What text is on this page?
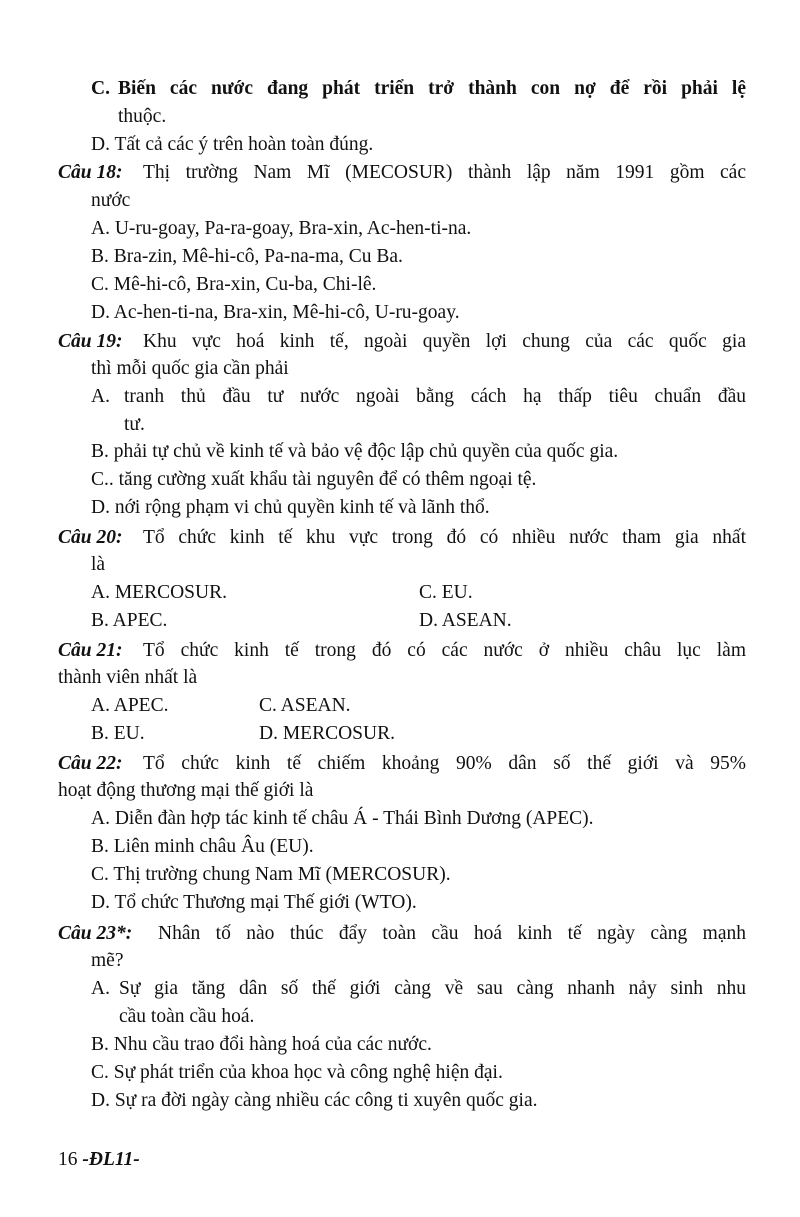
C. Biến các nước đang phát triển trở thành con nợ để rồi phải lệ
thuộc.
D. Tất cả các ý trên hoàn toàn đúng.
Câu 18: Thị trường Nam Mĩ (MECOSUR) thành lập năm 1991 gồm các
nước
A. U-ru-goay, Pa-ra-goay, Bra-xin, Ac-hen-ti-na.
B. Bra-zin, Mê-hi-cô, Pa-na-ma, Cu Ba.
C. Mê-hi-cô, Bra-xin, Cu-ba, Chi-lê.
D. Ac-hen-ti-na, Bra-xin, Mê-hi-cô, U-ru-goay.
Câu 19: Khu vực hoá kinh tế, ngoài quyền lợi chung của các quốc gia
thì mỗi quốc gia cần phải
A. tranh thủ đầu tư nước ngoài bằng cách hạ thấp tiêu chuẩn đầu
tư.
B. phải tự chủ về kinh tế và bảo vệ độc lập chủ quyền của quốc gia.
C.. tăng cường xuất khẩu tài nguyên để có thêm ngoại tệ.
D. nới rộng phạm vi chủ quyền kinh tế và lãnh thổ.
Câu 20: Tổ chức kinh tế khu vực trong đó có nhiều nước tham gia nhất
là
A. MERCOSUR.	C. EU.
B. APEC.	D. ASEAN.
Câu 21: Tổ chức kinh tế trong đó có các nước ở nhiều châu lục làm
thành viên nhất là
A. APEC.	C. ASEAN.
B. EU.	D. MERCOSUR.
Câu 22: Tổ chức kinh tế chiếm khoảng 90% dân số thế giới và 95%
hoạt động thương mại thế giới là
A. Diễn đàn hợp tác kinh tế châu Á - Thái Bình Dương (APEC).
B. Liên minh châu Âu (EU).
C. Thị trường chung Nam Mĩ (MERCOSUR).
D. Tổ chức Thương mại Thế giới (WTO).
Câu 23*: Nhân tố nào thúc đẩy toàn cầu hoá kinh tế ngày càng mạnh
mẽ?
A. Sự gia tăng dân số thế giới càng về sau càng nhanh nảy sinh nhu
cầu toàn cầu hoá.
B. Nhu cầu trao đổi hàng hoá của các nước.
C. Sự phát triển của khoa học và công nghệ hiện đại.
D. Sự ra đời ngày càng nhiều các công ti xuyên quốc gia.
16 -ĐL11-
